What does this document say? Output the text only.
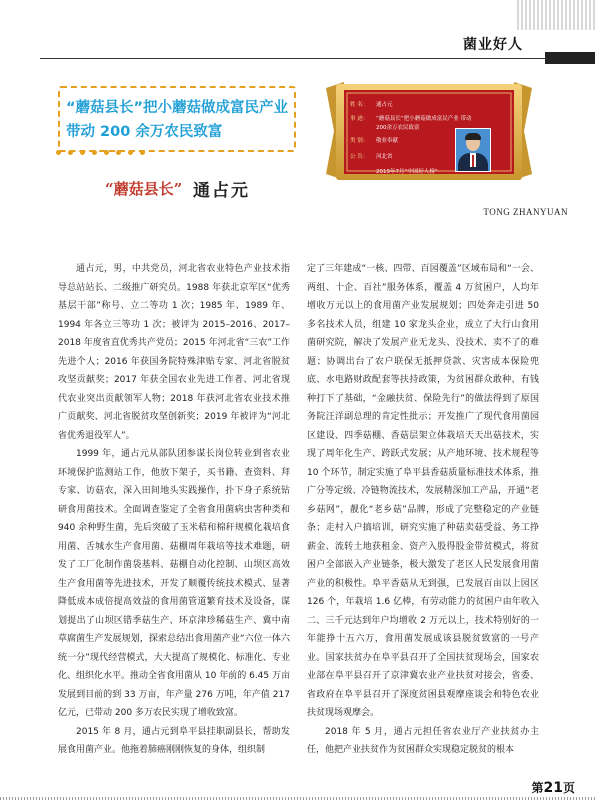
菌业好人
“蘑菇县长”把小蘑菇做成富民产业
带动 200 余万农民致富
姓 名： 通占元
事 迹： “蘑菇县长”把小蘑菇做成富民产业 带动
200余万农民致富
类 别： 敬业奉献
公 告： 河北省
2019年7月“中国好人榜”
“蘑菇县长” 通占元
TONG ZHANYUAN

通占元，男，中共党员，河北省农业特色产业技术指导总站站长、二级推广研究员。1988 年获北京军区“优秀基层干部”称号、立二等功 1 次；1985 年、1989 年、1994 年各立三等功 1 次；被评为 2015–2016、2017–2018 年度省直优秀共产党员；2015 年河北省“三农”工作先进个人；2016 年获国务院特殊津贴专家、河北省脱贫攻坚贡献奖；2017 年获全国农业先进工作者、河北省现代农业突出贡献领军人物；2018 年获河北省农业技术推广贡献奖、河北省脱贫攻坚创新奖；2019 年被评为“河北省优秀退役军人”。

1999 年，通占元从部队团参谋长岗位转业到省农业环境保护监测站工作，他放下架子，买书籍、查资料、拜专家、访菇农，深入田间地头实践操作，扑下身子系统钻研食用菌技术。全面调查鉴定了全省食用菌病虫害种类和 940 余种野生菌，先后突破了玉米秸和棉秆规模化栽培食用菌、舌城水生产食用菌、菇棚周年栽培等技术难题，研发了工厂化制作菌袋基料、菇棚自动化控制、山坝区高效生产食用菌等先进技术，开发了顺覆传统技术模式、显著降低成本成倍提高效益的食用菌管道繁育技术及设备，谋划提出了山坝区错季菇生产、环京津珍稀菇生产、冀中南草腐菌生产发展规划，探索总结出食用菌产业“六位一体六统一分”现代经营模式，大大提高了规模化、标准化、专业化、组织化水平。推动全省食用菌从 10 年前的 6.45 万亩发展到目前的到 33 万亩，年产量 276 万吨，年产值 217 亿元，已带动 200 多万农民实现了增收致富。

2015 年 8 月，通占元到阜平县挂职副县长，帮助发展食用菌产业。他拖着肺癌刚刚恢复的身体，组织制

定了三年建成“一核、四带、百园覆盖”区域布局和“一会、两组、十企、百社”服务体系，覆盖 4 万贫困户，人均年增收万元以上的食用菌产业发展规划；四处奔走引进 50 多名技术人员，组建 10 家龙头企业，成立了大行山食用菌研究院，解决了发展产业无龙头、没技术、卖不了的难题；协调出台了农户联保无抵押贷款、灾害成本保险兜底、水电路财政配套等扶持政策，为贫困群众敢种、有钱种打下了基础，“金融扶贫、保险先行”的做法得到了原国务院汪洋副总理的肯定性批示；开发推广了现代食用菌园区建设、四季菇棚、香菇层架立体栽培天天出菇技术，实现了周年化生产、跨跃式发展；从产地环境、技术规程等 10 个环节，制定实施了阜平县香菇质量标准技术体系，推广分等定级、冷链物流技术，发展精深加工产品，开通“老乡菇网”，靓化“老乡菇”品牌，形成了完整稳定的产业链条；走村入户搞培训，研究实施了种菇卖菇受益、务工挣薪金、流转土地获租金、资产入股得股金带贫模式，将贫困户全部嵌入产业链条，极大激发了老区人民发展食用菌产业的积极性。阜平香菇从无到强，已发展百亩以上园区 126 个，年栽培 1.6 亿棒，有劳动能力的贫困户由年收入二、三千元达到年户均增收 2 万元以上，技术特别好的一年能挣十五六万，食用菌发展成该县脱贫致富的一号产业。国家扶贫办在阜平县召开了全国扶贫现场会，国家农业部在阜平县召开了京津冀农业产业扶贫对接会，省委、省政府在阜平县召开了深度贫困县观摩座谈会和特色农业扶贫现场观摩会。

2018 年 5 月，通占元担任省农业厅产业扶贫办主任，他把产业扶贫作为贫困群众实现稳定脱贫的根本

第21页
